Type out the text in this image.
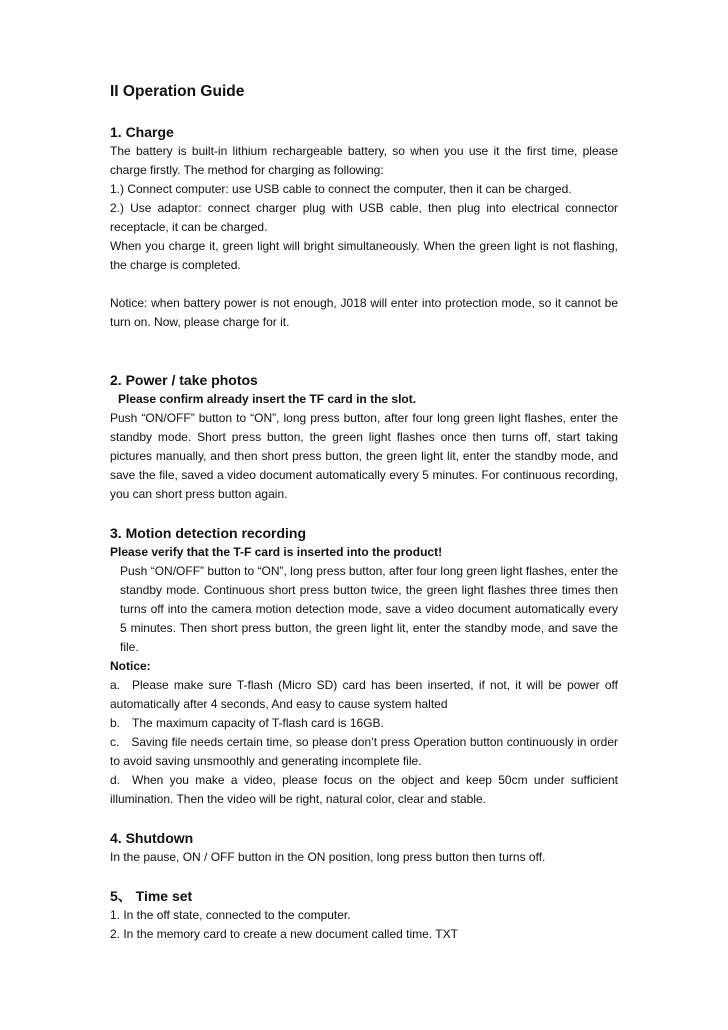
II Operation Guide
1. Charge

The battery is built-in lithium rechargeable battery, so when you use it the first time, please charge firstly. The method for charging as following:

1.) Connect computer: use USB cable to connect the computer, then it can be charged.

2.) Use adaptor: connect charger plug with USB cable, then plug into electrical connector receptacle, it can be charged.

When you charge it, green light will bright simultaneously. When the green light is not flashing, the charge is completed.

Notice: when battery power is not enough, J018 will enter into protection mode, so it cannot be turn on. Now, please charge for it.

2. Power / take photos

Please confirm already insert the TF card in the slot.

Push “ON/OFF” button to “ON”, long press button, after four long green light flashes, enter the standby mode. Short press button, the green light flashes once then turns off, start taking pictures manually, and then short press button, the green light lit, enter the standby mode, and save the file, saved a video document automatically every 5 minutes. For continuous recording, you can short press button again.

3. Motion detection recording

Please verify that the T-F card is inserted into the product!

Push “ON/OFF” button to “ON”, long press button, after four long green light flashes, enter the standby mode. Continuous short press button twice, the green light flashes three times then turns off into the camera motion detection mode, save a video document automatically every 5 minutes. Then short press button, the green light lit, enter the standby mode, and save the file.

Notice:

a. Please make sure T-flash (Micro SD) card has been inserted, if not, it will be power off automatically after 4 seconds, And easy to cause system halted

b. The maximum capacity of T-flash card is 16GB.

c. Saving file needs certain time, so please don’t press Operation button continuously in order to avoid saving unsmoothly and generating incomplete file.

d. When you make a video, please focus on the object and keep 50cm under sufficient illumination. Then the video will be right, natural color, clear and stable.

4. Shutdown

In the pause, ON / OFF button in the ON position, long press button then turns off.

5、 Time set

1. In the off state, connected to the computer.

2. In the memory card to create a new document called time. TXT
